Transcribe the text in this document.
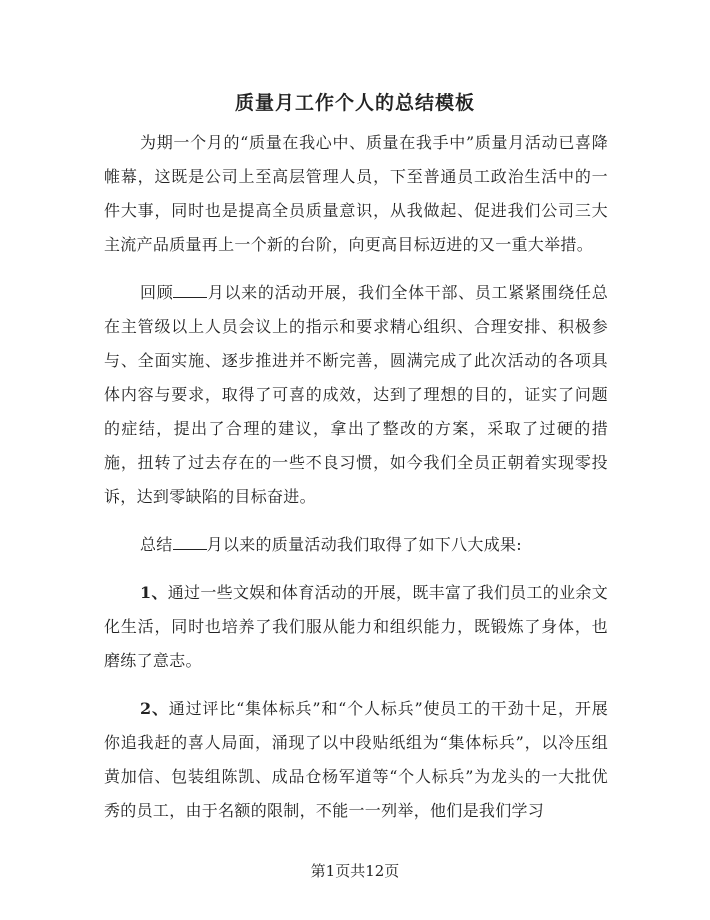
质量月工作个人的总结模板

为期一个月的“质量在我心中、质量在我手中”质量月活动已喜降帷幕，这既是公司上至高层管理人员，下至普通员工政治生活中的一件大事，同时也是提高全员质量意识，从我做起、促进我们公司三大主流产品质量再上一个新的台阶，向更高目标迈进的又一重大举措。

回顾 月以来的活动开展，我们全体干部、员工紧紧围绕任总在主管级以上人员会议上的指示和要求精心组织、合理安排、积极参与、全面实施、逐步推进并不断完善，圆满完成了此次活动的各项具体内容与要求，取得了可喜的成效，达到了理想的目的，证实了问题的症结，提出了合理的建议，拿出了整改的方案，采取了过硬的措施，扭转了过去存在的一些不良习惯，如今我们全员正朝着实现零投诉，达到零缺陷的目标奋进。

总结 月以来的质量活动我们取得了如下八大成果:

1、通过一些文娱和体育活动的开展，既丰富了我们员工的业余文化生活，同时也培养了我们服从能力和组织能力，既锻炼了身体，也磨练了意志。

2、通过评比“集体标兵”和“个人标兵”使员工的干劲十足，开展你追我赶的喜人局面，涌现了以中段贴纸组为“集体标兵”，以冷压组黄加信、包装组陈凯、成品仓杨军道等“个人标兵”为龙头的一大批优秀的员工，由于名额的限制，不能一一列举，他们是我们学习

第1页共12页
